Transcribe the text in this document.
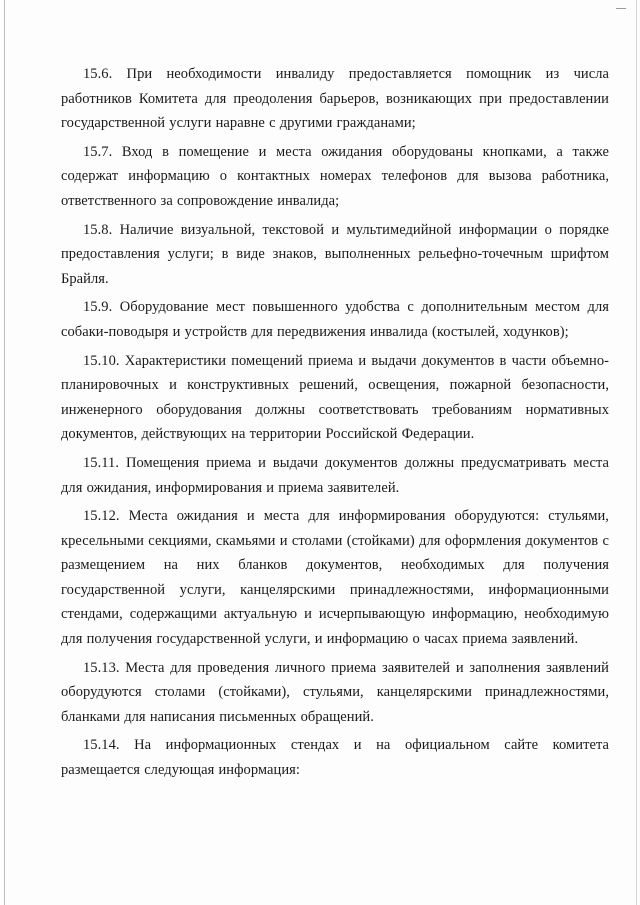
15.6. При необходимости инвалиду предоставляется помощник из числа работников Комитета для преодоления барьеров, возникающих при предоставлении государственной услуги наравне с другими гражданами;

15.7. Вход в помещение и места ожидания оборудованы кнопками, а также содержат информацию о контактных номерах телефонов для вызова работника, ответственного за сопровождение инвалида;

15.8. Наличие визуальной, текстовой и мультимедийной информации о порядке предоставления услуги; в виде знаков, выполненных рельефно-точечным шрифтом Брайля.

15.9. Оборудование мест повышенного удобства с дополнительным местом для собаки-поводыря и устройств для передвижения инвалида (костылей, ходунков);

15.10. Характеристики помещений приема и выдачи документов в части объемно-планировочных и конструктивных решений, освещения, пожарной безопасности, инженерного оборудования должны соответствовать требованиям нормативных документов, действующих на территории Российской Федерации.

15.11. Помещения приема и выдачи документов должны предусматривать места для ожидания, информирования и приема заявителей.

15.12. Места ожидания и места для информирования оборудуются: стульями, кресельными секциями, скамьями и столами (стойками) для оформления документов с размещением на них бланков документов, необходимых для получения государственной услуги, канцелярскими принадлежностями, информационными стендами, содержащими актуальную и исчерпывающую информацию, необходимую для получения государственной услуги, и информацию о часах приема заявлений.

15.13. Места для проведения личного приема заявителей и заполнения заявлений оборудуются столами (стойками), стульями, канцелярскими принадлежностями, бланками для написания письменных обращений.

15.14. На информационных стендах и на официальном сайте комитета размещается следующая информация:
